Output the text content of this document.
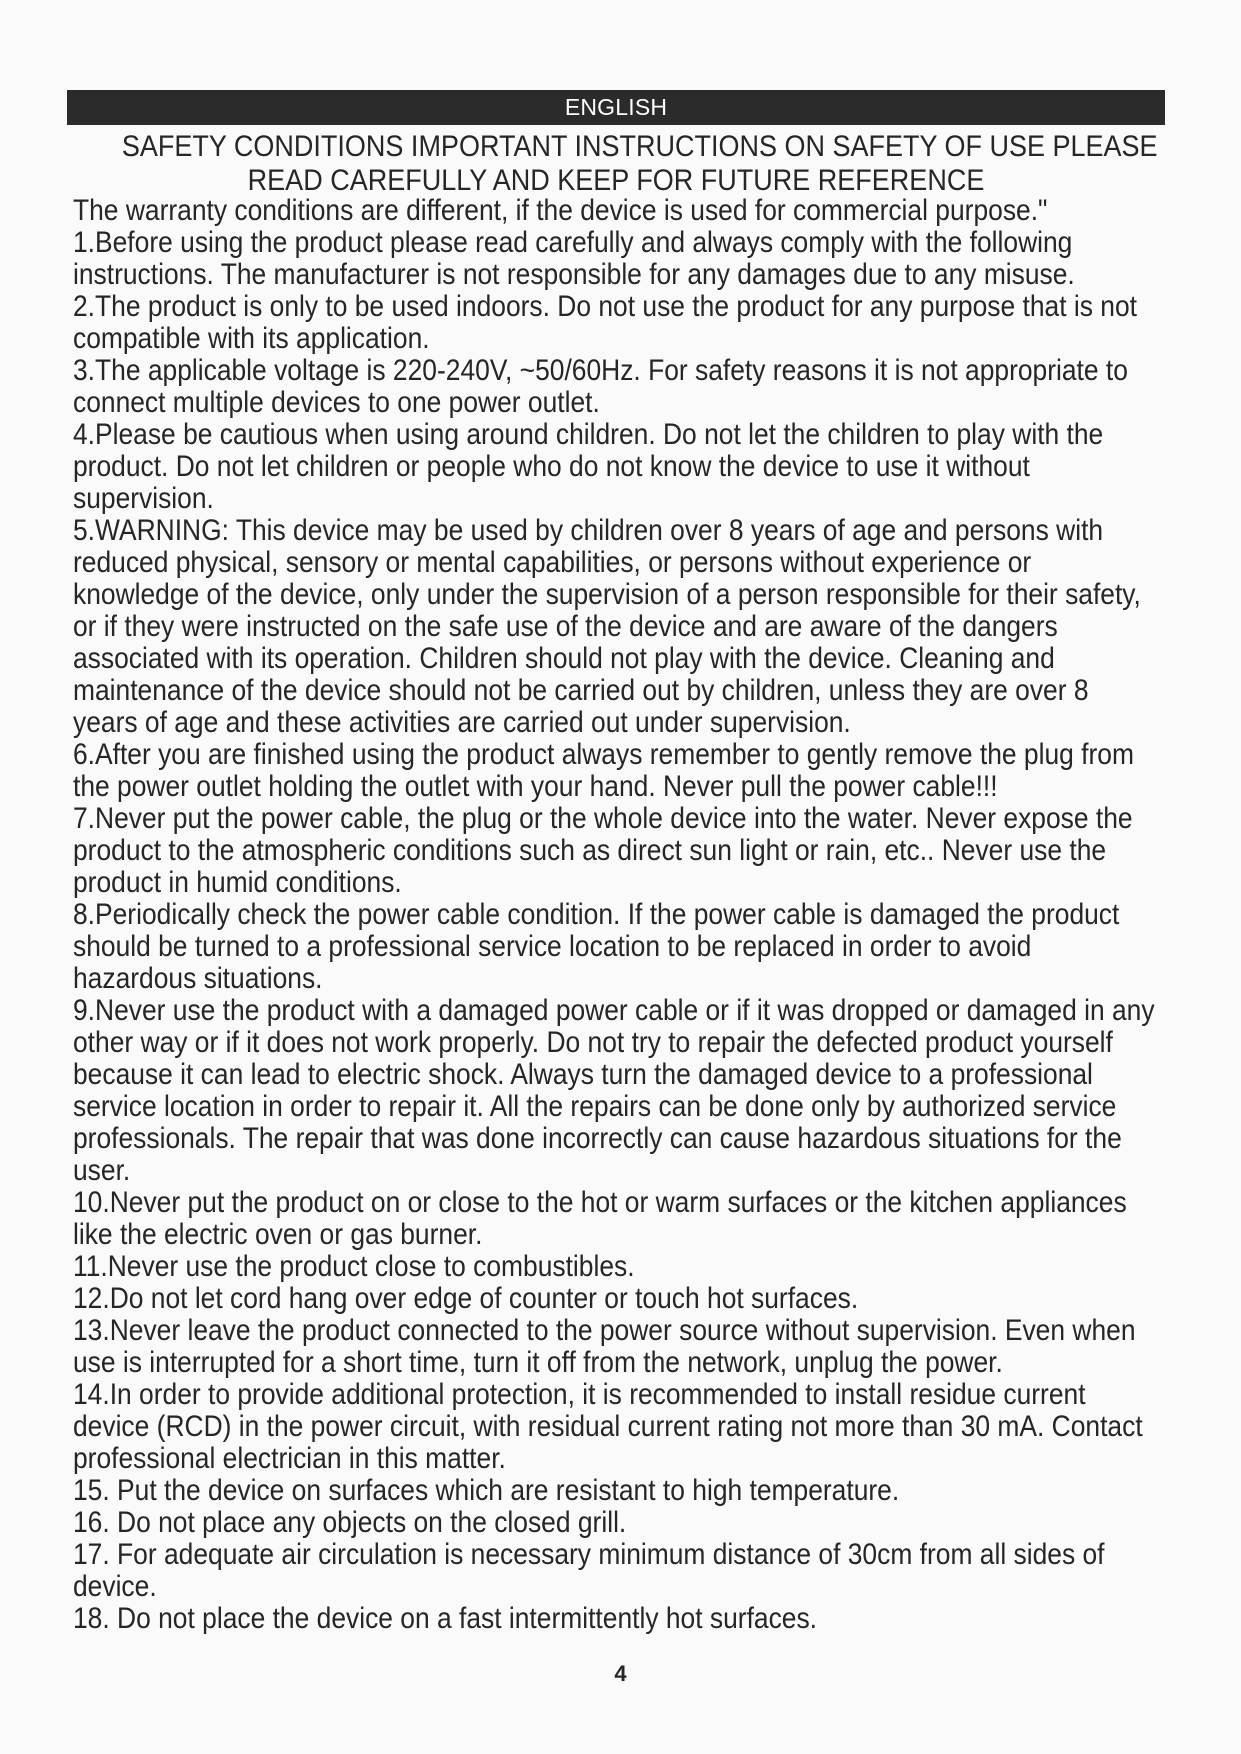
ENGLISH
SAFETY CONDITIONS IMPORTANT INSTRUCTIONS ON SAFETY OF USE PLEASE
READ CAREFULLY AND KEEP FOR FUTURE REFERENCE

The warranty conditions are different, if the device is used for commercial purpose."

1.Before using the product please read carefully and always comply with the following

instructions. The manufacturer is not responsible for any damages due to any misuse.

2.The product is only to be used indoors. Do not use the product for any purpose that is not

compatible with its application.

3.The applicable voltage is 220-240V, ~50/60Hz. For safety reasons it is not appropriate to

connect multiple devices to one power outlet.

4.Please be cautious when using around children. Do not let the children to play with the

product. Do not let children or people who do not know the device to use it without

supervision.

5.WARNING: This device may be used by children over 8 years of age and persons with

reduced physical, sensory or mental capabilities, or persons without experience or

knowledge of the device, only under the supervision of a person responsible for their safety,

or if they were instructed on the safe use of the device and are aware of the dangers

associated with its operation. Children should not play with the device. Cleaning and

maintenance of the device should not be carried out by children, unless they are over 8

years of age and these activities are carried out under supervision.

6.After you are finished using the product always remember to gently remove the plug from

the power outlet holding the outlet with your hand. Never pull the power cable!!!

7.Never put the power cable, the plug or the whole device into the water. Never expose the

product to the atmospheric conditions such as direct sun light or rain, etc.. Never use the

product in humid conditions.

8.Periodically check the power cable condition. If the power cable is damaged the product

should be turned to a professional service location to be replaced in order to avoid

hazardous situations.

9.Never use the product with a damaged power cable or if it was dropped or damaged in any

other way or if it does not work properly. Do not try to repair the defected product yourself

because it can lead to electric shock. Always turn the damaged device to a professional

service location in order to repair it. All the repairs can be done only by authorized service

professionals. The repair that was done incorrectly can cause hazardous situations for the

user.

10.Never put the product on or close to the hot or warm surfaces or the kitchen appliances

like the electric oven or gas burner.

11.Never use the product close to combustibles.

12.Do not let cord hang over edge of counter or touch hot surfaces.

13.Never leave the product connected to the power source without supervision. Even when

use is interrupted for a short time, turn it off from the network, unplug the power.

14.In order to provide additional protection, it is recommended to install residue current

device (RCD) in the power circuit, with residual current rating not more than 30 mA. Contact

professional electrician in this matter.

15. Put the device on surfaces which are resistant to high temperature.

16. Do not place any objects on the closed grill.

17. For adequate air circulation is necessary minimum distance of 30cm from all sides of

device.

18. Do not place the device on a fast intermittently hot surfaces.

4
